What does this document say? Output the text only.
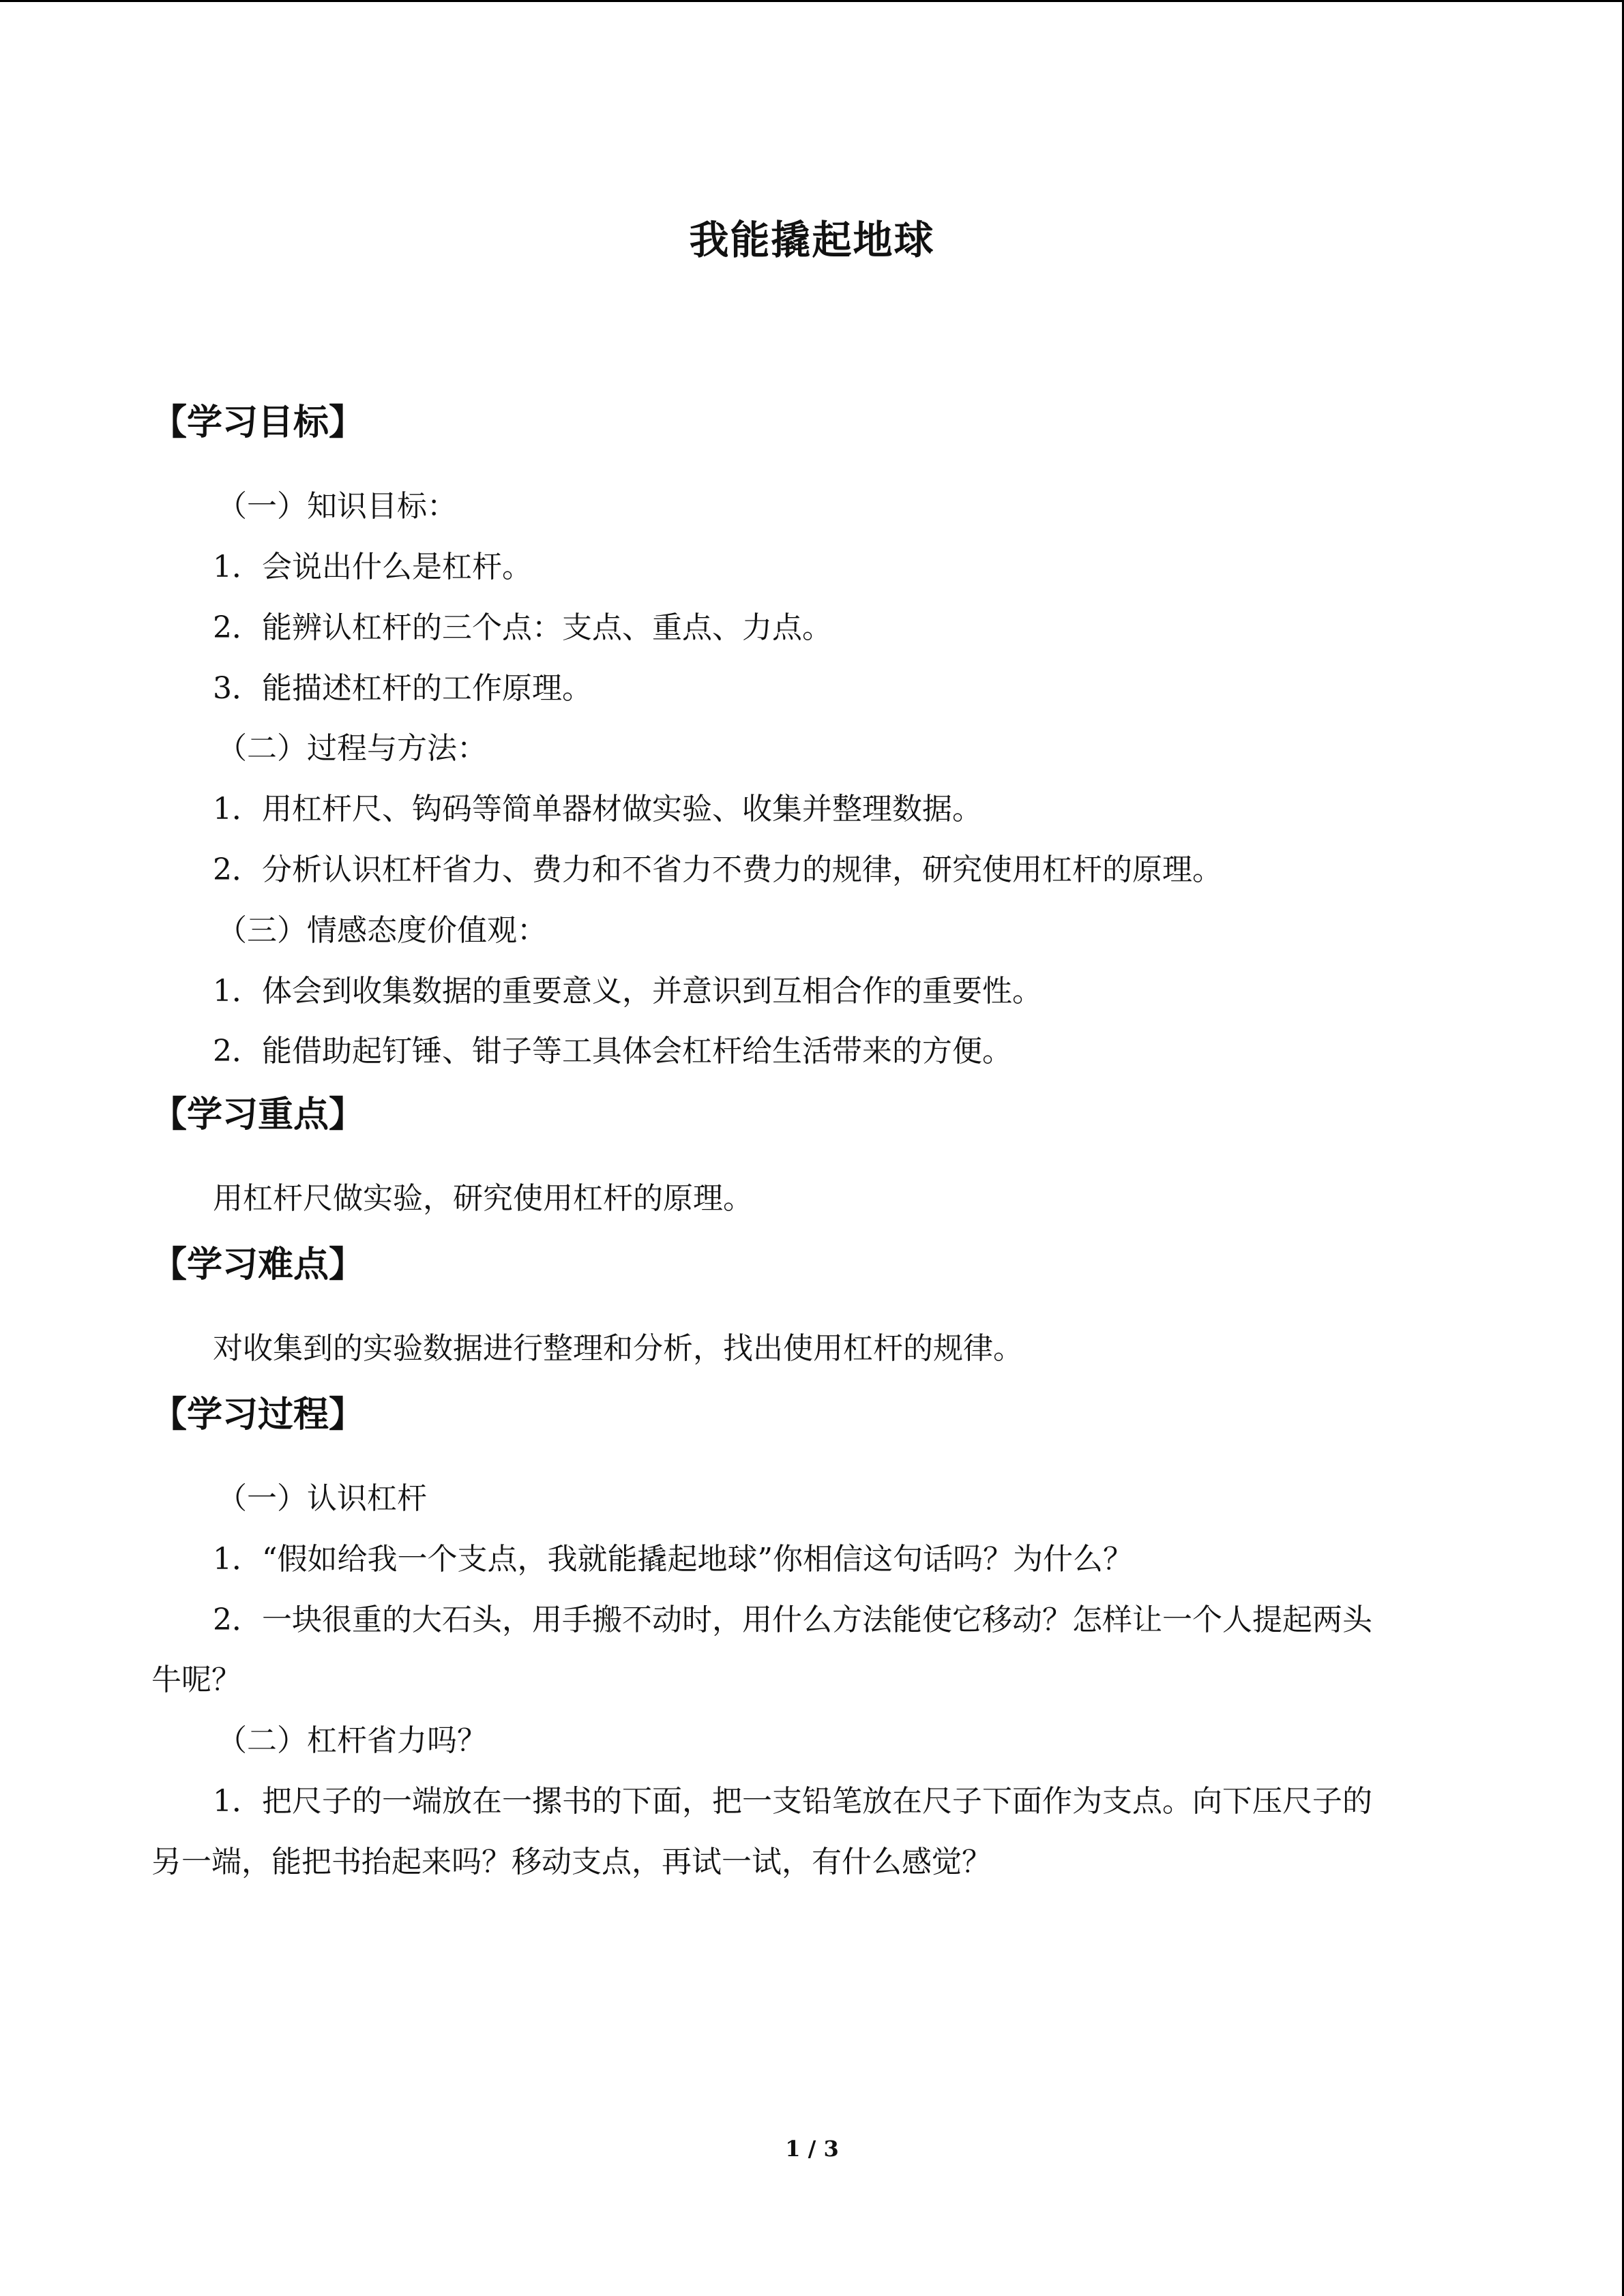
我能撬起地球
【学习目标】
（一）知识目标：
1．会说出什么是杠杆。
2．能辨认杠杆的三个点：支点、重点、力点。
3．能描述杠杆的工作原理。
（二）过程与方法：
1．用杠杆尺、钩码等简单器材做实验、收集并整理数据。
2．分析认识杠杆省力、费力和不省力不费力的规律，研究使用杠杆的原理。
（三）情感态度价值观：
1．体会到收集数据的重要意义，并意识到互相合作的重要性。
2．能借助起钉锤、钳子等工具体会杠杆给生活带来的方便。
【学习重点】
用杠杆尺做实验，研究使用杠杆的原理。
【学习难点】
对收集到的实验数据进行整理和分析，找出使用杠杆的规律。
【学习过程】
（一）认识杠杆
1．“假如给我一个支点，我就能撬起地球”你相信这句话吗？为什么？
2．一块很重的大石头，用手搬不动时，用什么方法能使它移动？怎样让一个人提起两头
牛呢？
（二）杠杆省力吗？
1．把尺子的一端放在一摞书的下面，把一支铅笔放在尺子下面作为支点。向下压尺子的
另一端，能把书抬起来吗？移动支点，再试一试，有什么感觉？
1 / 3
